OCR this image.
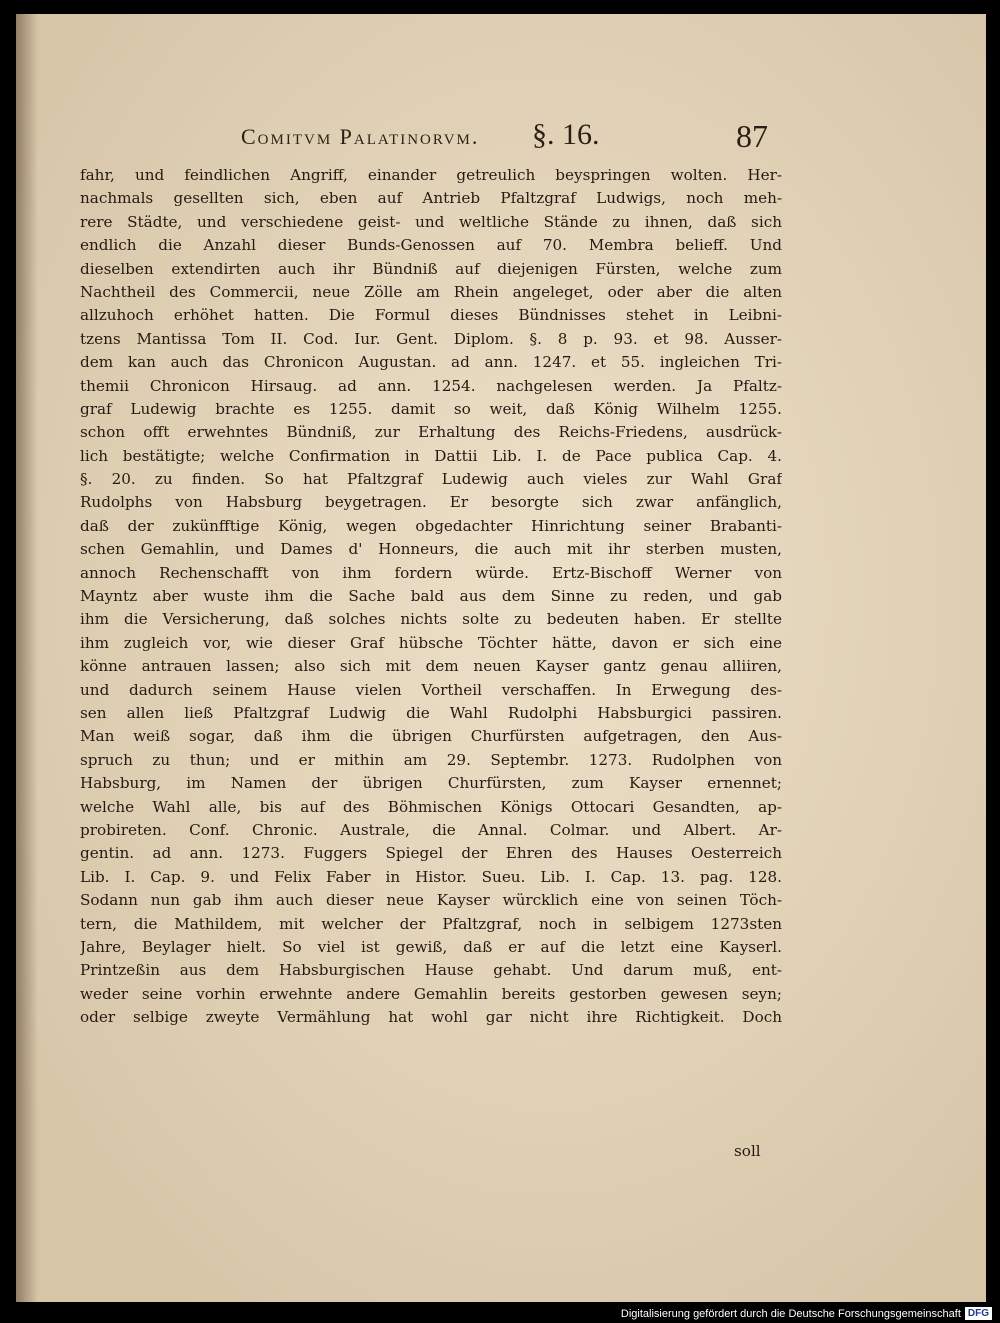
Comitvm Palatinorvm. §. 16.	87
fahr, und feindlichen Angriff, einander getreulich beyspringen wolten. Her-
nachmals gesellten sich, eben auf Antrieb Pfaltzgraf Ludwigs, noch meh-
rere Städte, und verschiedene geist- und weltliche Stände zu ihnen, daß sich
endlich die Anzahl dieser Bunds-Genossen auf 70. Membra belieff. Und
dieselben extendirten auch ihr Bündniß auf diejenigen Fürsten, welche zum
Nachtheil des Commercii, neue Zölle am Rhein angeleget, oder aber die alten
allzuhoch erhöhet hatten. Die Formul dieses Bündnisses stehet in Leibni-
tzens Mantissa Tom II. Cod. Iur. Gent. Diplom. §. 8 p. 93. et 98. Ausser-
dem kan auch das Chronicon Augustan. ad ann. 1247. et 55. ingleichen Tri-
themii Chronicon Hirsaug. ad ann. 1254. nachgelesen werden. Ja Pfaltz-
graf Ludewig brachte es 1255. damit so weit, daß König Wilhelm 1255.
schon offt erwehntes Bündniß, zur Erhaltung des Reichs-Friedens, ausdrück-
lich bestätigte; welche Confirmation in Dattii Lib. I. de Pace publica Cap. 4.
§. 20. zu finden. So hat Pfaltzgraf Ludewig auch vieles zur Wahl Graf
Rudolphs von Habsburg beygetragen. Er besorgte sich zwar anfänglich,
daß der zukünfftige König, wegen obgedachter Hinrichtung seiner Brabanti-
schen Gemahlin, und Dames d' Honneurs, die auch mit ihr sterben musten,
annoch Rechenschafft von ihm fordern würde. Ertz-Bischoff Werner von
Mayntz aber wuste ihm die Sache bald aus dem Sinne zu reden, und gab
ihm die Versicherung, daß solches nichts solte zu bedeuten haben. Er stellte
ihm zugleich vor, wie dieser Graf hübsche Töchter hätte, davon er sich eine
könne antrauen lassen; also sich mit dem neuen Kayser gantz genau alliiren,
und dadurch seinem Hause vielen Vortheil verschaffen. In Erwegung des-
sen allen ließ Pfaltzgraf Ludwig die Wahl Rudolphi Habsburgici passiren.
Man weiß sogar, daß ihm die übrigen Churfürsten aufgetragen, den Aus-
spruch zu thun; und er mithin am 29. Septembr. 1273. Rudolphen von
Habsburg, im Namen der übrigen Churfürsten, zum Kayser ernennet;
welche Wahl alle, bis auf des Böhmischen Königs Ottocari Gesandten, ap-
probireten. Conf. Chronic. Australe, die Annal. Colmar. und Albert. Ar-
gentin. ad ann. 1273. Fuggers Spiegel der Ehren des Hauses Oesterreich
Lib. I. Cap. 9. und Felix Faber in Histor. Sueu. Lib. I. Cap. 13. pag. 128.
Sodann nun gab ihm auch dieser neue Kayser würcklich eine von seinen Töch-
tern, die Mathildem, mit welcher der Pfaltzgraf, noch in selbigem 1273sten
Jahre, Beylager hielt. So viel ist gewiß, daß er auf die letzt eine Kayserl.
Printzeßin aus dem Habsburgischen Hause gehabt. Und darum muß, ent-
weder seine vorhin erwehnte andere Gemahlin bereits gestorben gewesen seyn;
oder selbige zweyte Vermählung hat wohl gar nicht ihre Richtigkeit. Doch
soll
Digitalisierung gefördert durch die Deutsche Forschungsgemeinschaft DFG
